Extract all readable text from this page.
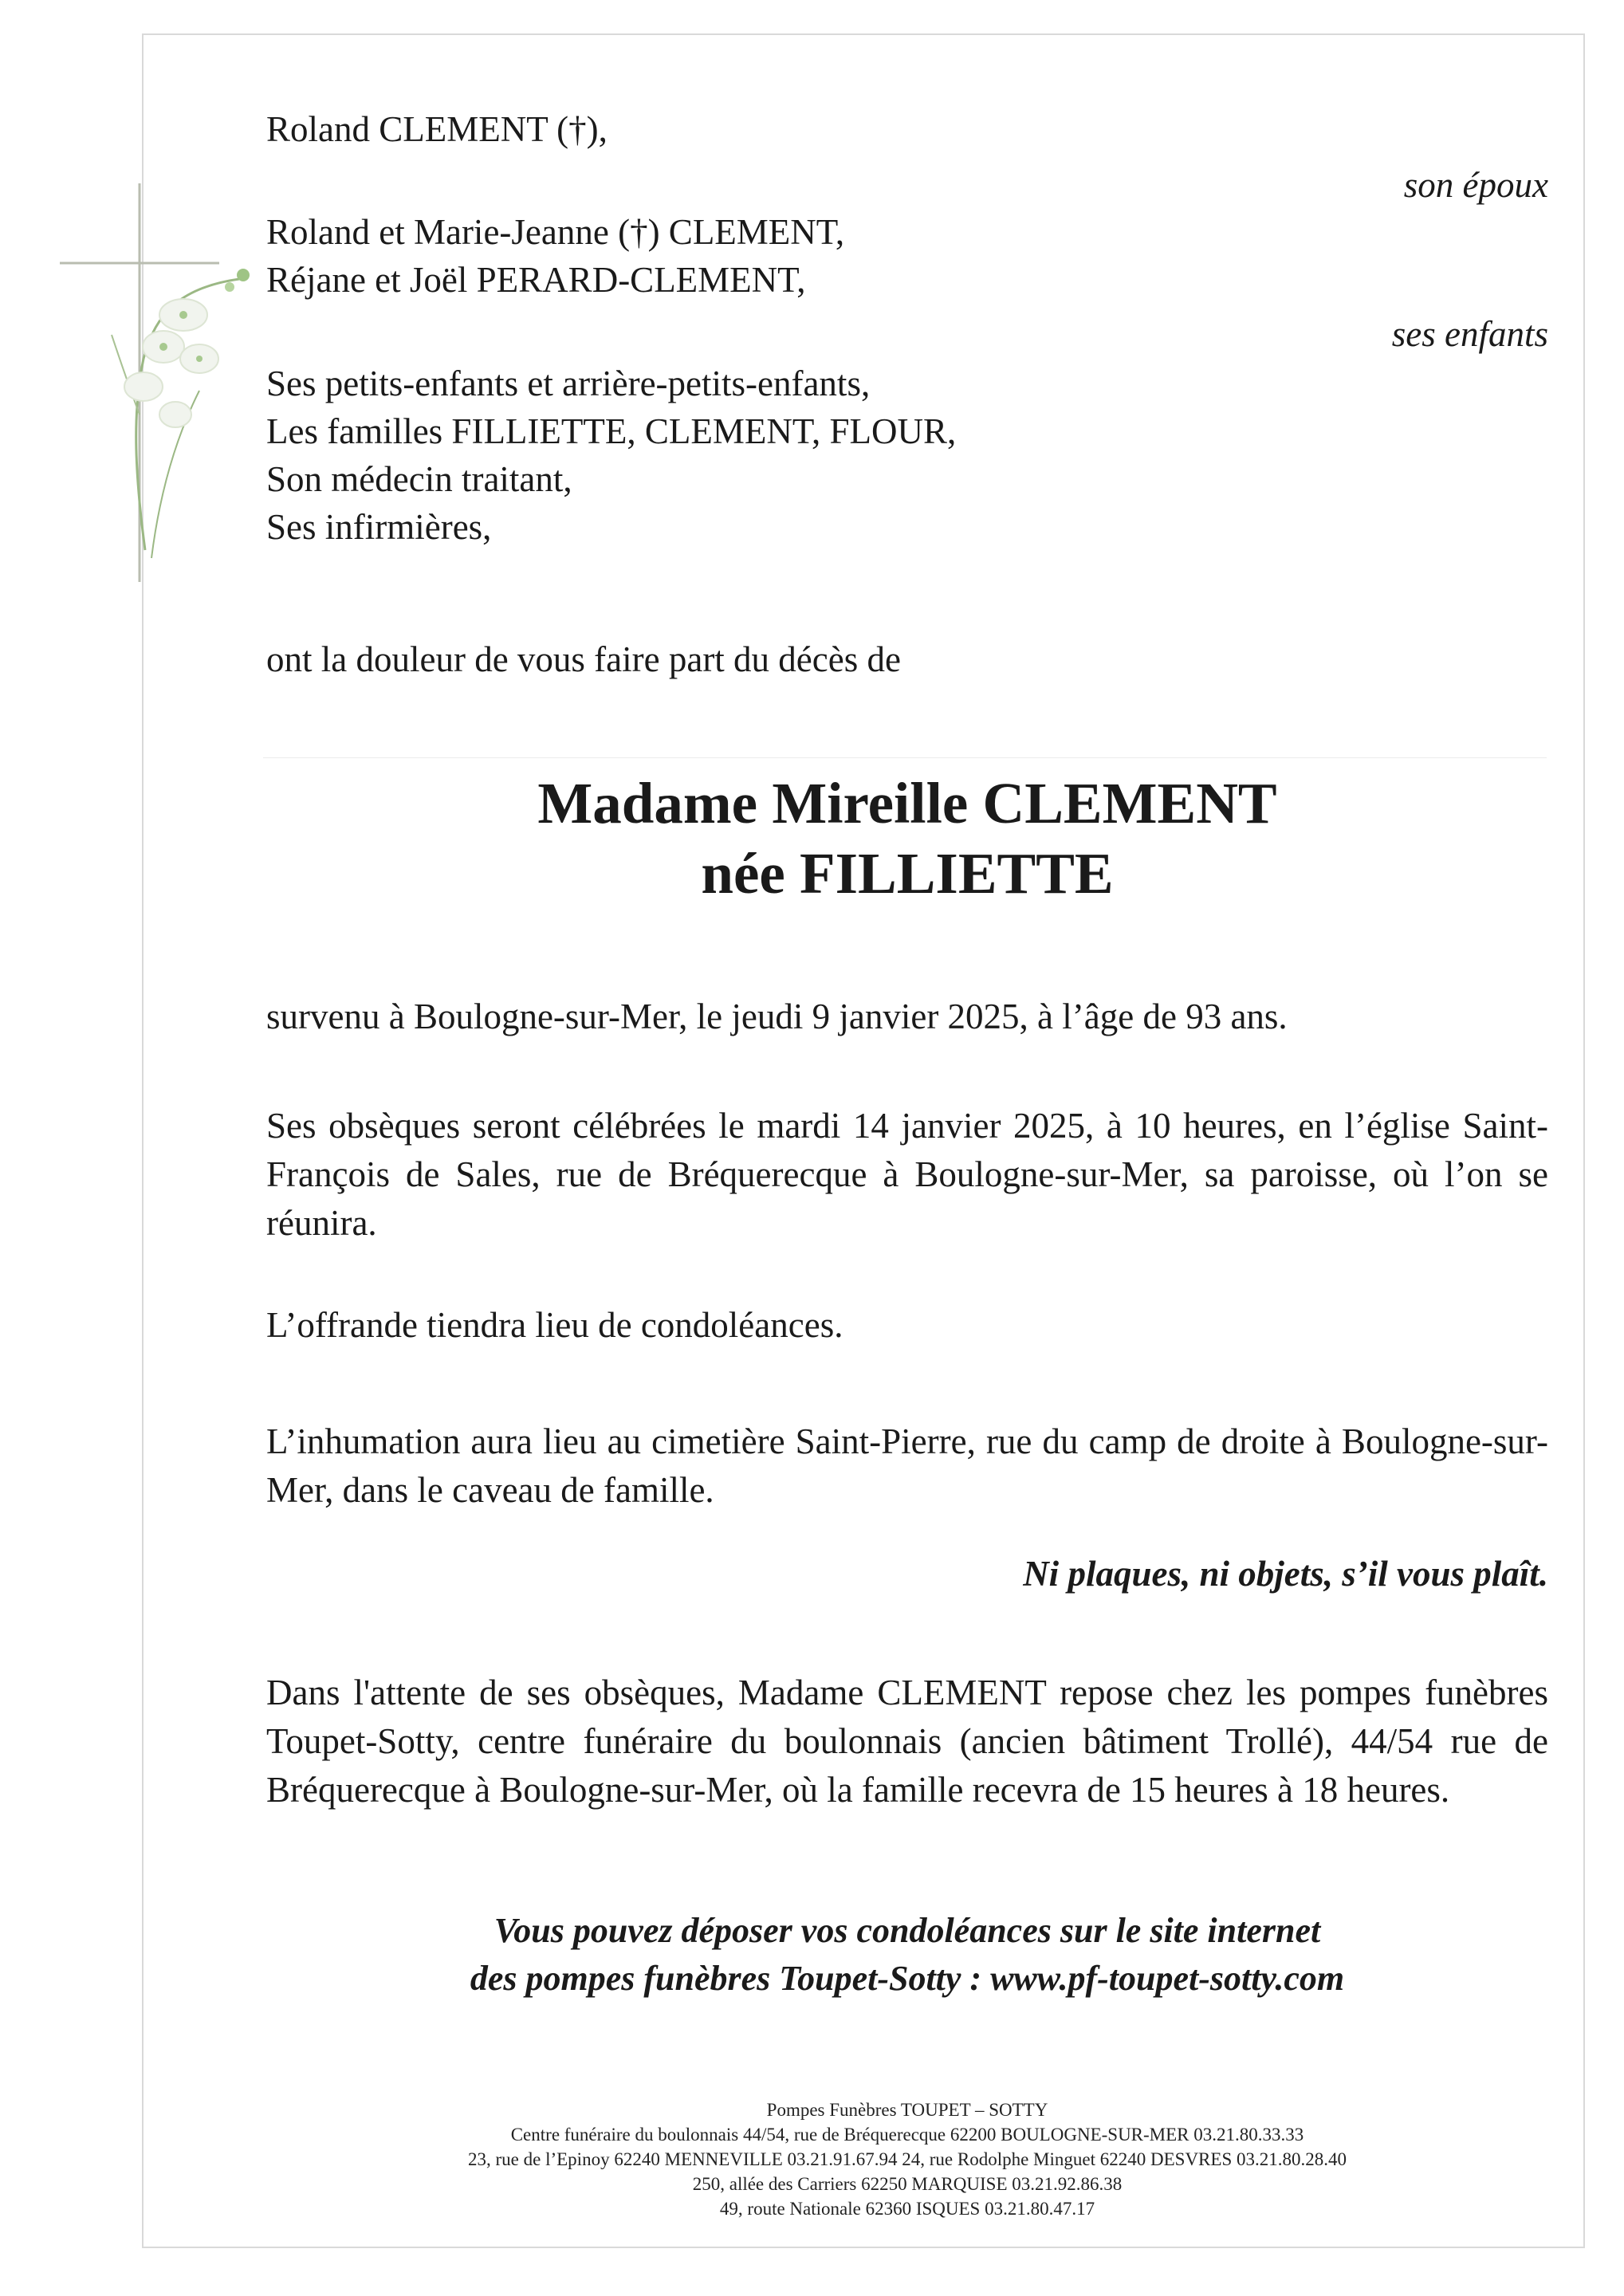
Roland CLEMENT (†),
son époux
Roland et Marie-Jeanne (†) CLEMENT,
Réjane et Joël PERARD-CLEMENT,
ses enfants
Ses petits-enfants et arrière-petits-enfants,
Les familles FILLIETTE, CLEMENT, FLOUR,
Son médecin traitant,
Ses infirmières,
ont la douleur de vous faire part du décès de
Madame Mireille CLEMENT
née FILLIETTE
survenu à Boulogne-sur-Mer, le jeudi 9 janvier 2025, à l’âge de 93 ans.
Ses obsèques seront célébrées le mardi 14 janvier 2025, à 10 heures, en l’église Saint-François de Sales, rue de Bréquerecque à Boulogne-sur-Mer, sa paroisse, où l’on se réunira.
L’offrande tiendra lieu de condoléances.
L’inhumation aura lieu au cimetière Saint-Pierre, rue du camp de droite à Boulogne-sur-Mer, dans le caveau de famille.
Ni plaques, ni objets, s’il vous plaît.
Dans l'attente de ses obsèques, Madame CLEMENT repose chez les pompes funèbres Toupet-Sotty, centre funéraire du boulonnais (ancien bâtiment Trollé), 44/54 rue de Bréquerecque à Boulogne-sur-Mer, où la famille recevra de 15 heures à 18 heures.
Vous pouvez déposer vos condoléances sur le site internet
des pompes funèbres Toupet-Sotty : www.pf-toupet-sotty.com
Pompes Funèbres TOUPET – SOTTY
Centre funéraire du boulonnais 44/54, rue de Bréquerecque 62200 BOULOGNE-SUR-MER 03.21.80.33.33
23, rue de l’Epinoy 62240 MENNEVILLE 03.21.91.67.94 24, rue Rodolphe Minguet 62240 DESVRES 03.21.80.28.40
250, allée des Carriers 62250 MARQUISE 03.21.92.86.38
49, route Nationale 62360 ISQUES 03.21.80.47.17
